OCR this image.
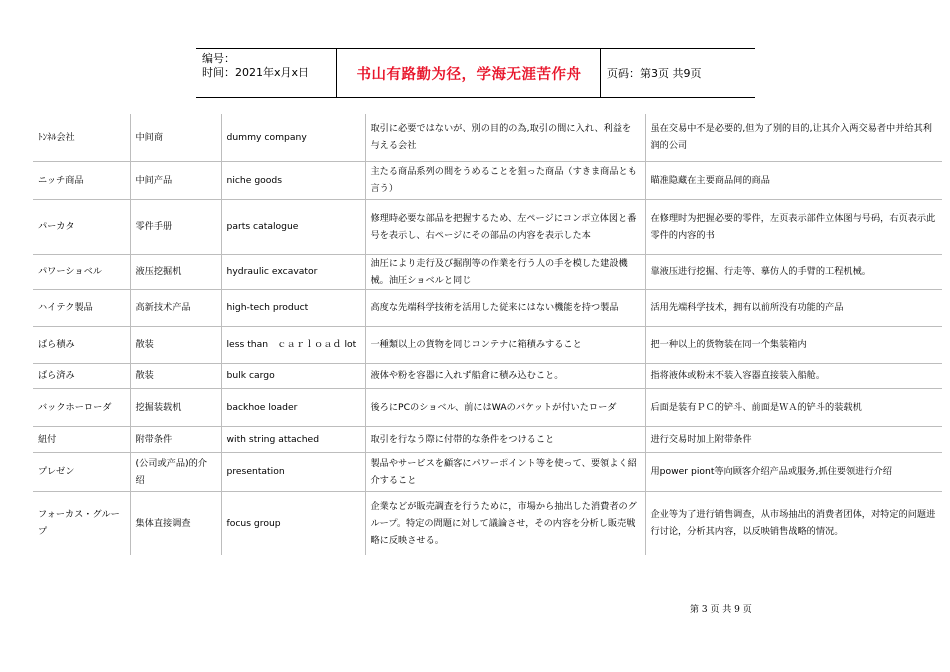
编号：
时间：2021年x月x日	书山有路勤为径，学海无涯苦作舟	页码：第3页 共9页
ﾄﾝﾈﾙ会社	中间商	dummy company	取引に必要ではないが、別の目的の為,取引の間に入れ、利益を与える会社	虽在交易中不是必要的,但为了别的目的,让其介入两交易者中并给其利润的公司
ニッチ商品	中间产品	niche goods	主たる商品系列の間をうめることを狙った商品（すきま商品とも言う）	瞄准隐藏在主要商品间的商品
パーカタ	零件手册	parts catalogue	修理時必要な部品を把握するため、左ページにコンポ立体図と番号を表示し、右ページにその部品の内容を表示した本	在修理时为把握必要的零件，左页表示部件立体图与号码，右页表示此零件的内容的书
パワーショベル	液压挖掘机	hydraulic excavator	油圧により走行及び掘削等の作業を行う人の手を模した建設機械。油圧ショベルと同じ	靠液压进行挖掘、行走等、摹仿人的手臂的工程机械。
ハイテク製品	高新技术产品	high-tech product	高度な先端科学技術を活用した従来にはない機能を持つ製品	活用先端科学技术，拥有以前所没有功能的产品
ばら積み	散装	less than　ｃａｒｌｏａｄ lot	一種類以上の貨物を同じコンテナに箱積みすること	把一种以上的货物装在同一个集装箱内
ばら済み	散装	bulk cargo	液体や粉を容器に入れず船倉に積み込むこと。	指将液体或粉末不装入容器直接装入船舱。
バックホーローダ	挖掘装载机	backhoe loader	後ろにPCのショベル、前にはWAのバケットが付いたローダ	后面是装有ＰＣ的铲斗、前面是ＷＡ的铲斗的装载机
紐付	附带条件	with string attached	取引を行なう際に付帯的な条件をつけること	进行交易时加上附带条件
プレゼン	(公司或产品)的介绍	presentation	製品やサービスを顧客にパワーポイント等を使って、要領よく紹介すること	用power piont等向顾客介绍产品或服务,抓住要领进行介绍
フォーカス・グループ	集体直接调查	focus group	企業などが販売調査を行うために，市場から抽出した消費者のグループ。特定の問題に対して議論させ，その内容を分析し販売戦略に反映させる。	企业等为了进行销售调查，从市场抽出的消费者团体，对特定的问题进行讨论，分析其内容，以反映销售战略的情况。
第 3 页 共 9 页
